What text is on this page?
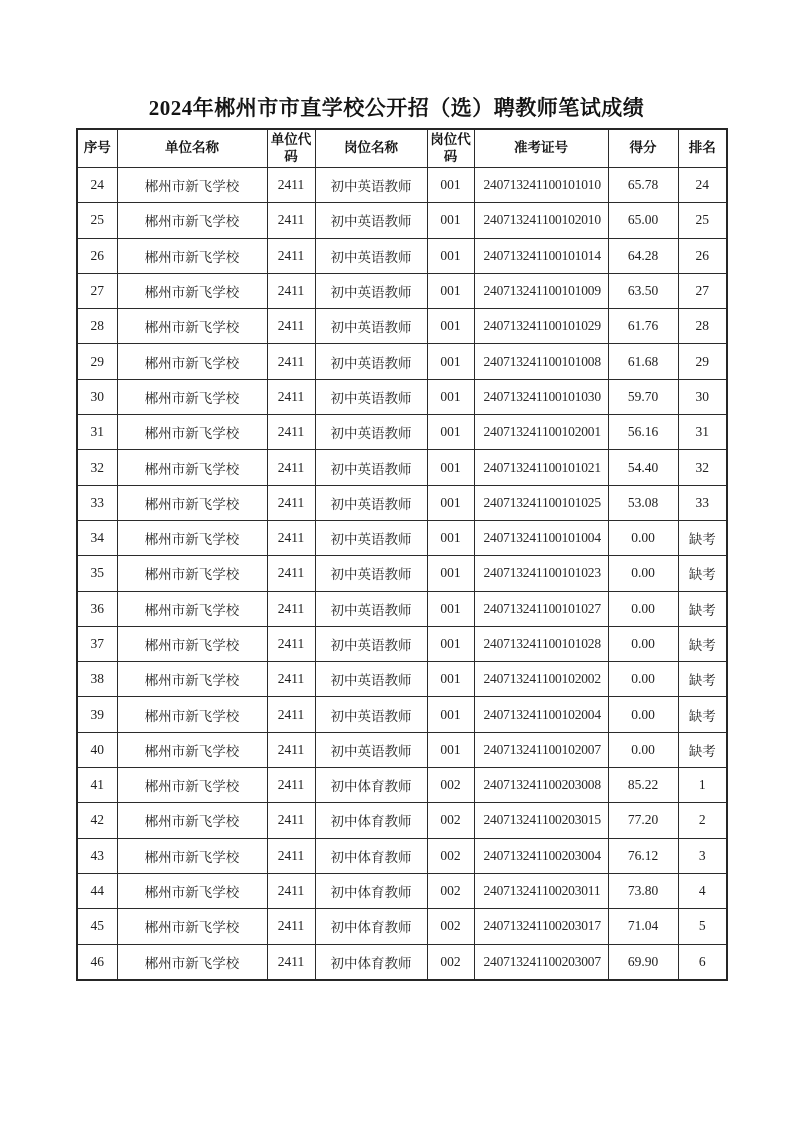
2024年郴州市市直学校公开招（选）聘教师笔试成绩
序号	单位名称	单位代码	岗位名称	岗位代码	准考证号	得分	排名
24	郴州市新飞学校	2411	初中英语教师	001	240713241100101010	65.78	24
25	郴州市新飞学校	2411	初中英语教师	001	240713241100102010	65.00	25
26	郴州市新飞学校	2411	初中英语教师	001	240713241100101014	64.28	26
27	郴州市新飞学校	2411	初中英语教师	001	240713241100101009	63.50	27
28	郴州市新飞学校	2411	初中英语教师	001	240713241100101029	61.76	28
29	郴州市新飞学校	2411	初中英语教师	001	240713241100101008	61.68	29
30	郴州市新飞学校	2411	初中英语教师	001	240713241100101030	59.70	30
31	郴州市新飞学校	2411	初中英语教师	001	240713241100102001	56.16	31
32	郴州市新飞学校	2411	初中英语教师	001	240713241100101021	54.40	32
33	郴州市新飞学校	2411	初中英语教师	001	240713241100101025	53.08	33
34	郴州市新飞学校	2411	初中英语教师	001	240713241100101004	0.00	缺考
35	郴州市新飞学校	2411	初中英语教师	001	240713241100101023	0.00	缺考
36	郴州市新飞学校	2411	初中英语教师	001	240713241100101027	0.00	缺考
37	郴州市新飞学校	2411	初中英语教师	001	240713241100101028	0.00	缺考
38	郴州市新飞学校	2411	初中英语教师	001	240713241100102002	0.00	缺考
39	郴州市新飞学校	2411	初中英语教师	001	240713241100102004	0.00	缺考
40	郴州市新飞学校	2411	初中英语教师	001	240713241100102007	0.00	缺考
41	郴州市新飞学校	2411	初中体育教师	002	240713241100203008	85.22	1
42	郴州市新飞学校	2411	初中体育教师	002	240713241100203015	77.20	2
43	郴州市新飞学校	2411	初中体育教师	002	240713241100203004	76.12	3
44	郴州市新飞学校	2411	初中体育教师	002	240713241100203011	73.80	4
45	郴州市新飞学校	2411	初中体育教师	002	240713241100203017	71.04	5
46	郴州市新飞学校	2411	初中体育教师	002	240713241100203007	69.90	6
